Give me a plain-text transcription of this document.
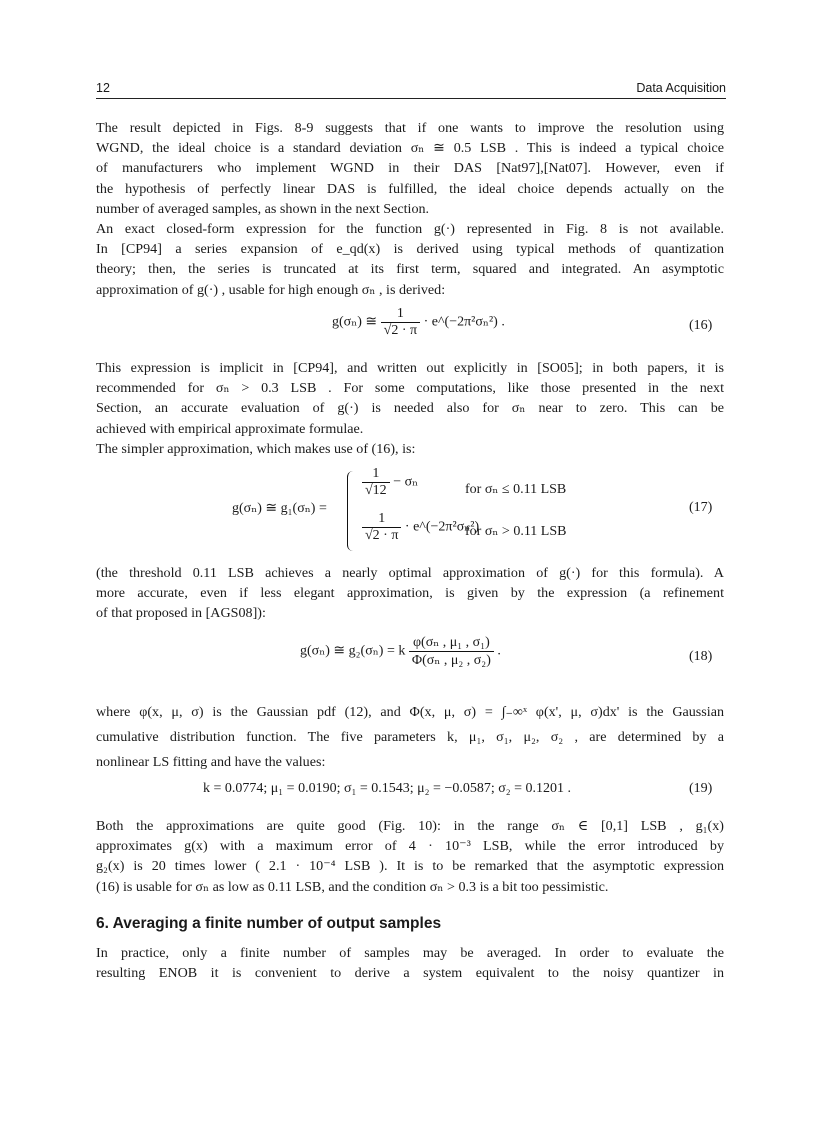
12	Data Acquisition

The result depicted in Figs. 8-9 suggests that if one wants to improve the resolution using
WGND, the ideal choice is a standard deviation σₙ ≅ 0.5 LSB . This is indeed a typical choice
of manufacturers who implement WGND in their DAS [Nat97],[Nat07]. However, even if
the hypothesis of perfectly linear DAS is fulfilled, the ideal choice depends actually on the
number of averaged samples, as shown in the next Section.

An exact closed-form expression for the function g(·) represented in Fig. 8 is not available.
In [CP94] a series expansion of e_qd(x) is derived using typical methods of quantization
theory; then, the series is truncated at its first term, squared and integrated. An asymptotic
approximation of g(·) , usable for high enough σₙ , is derived:

g(σₙ) ≅ $\frac{1}{√2 \cdot \pi}$ · e^(−2π²σₙ²) .	(16)

This expression is implicit in [CP94], and written out explicitly in [SO05]; in both papers, it is
recommended for σₙ > 0.3 LSB . For some computations, like those presented in the next
Section, an accurate evaluation of g(·) is needed also for σₙ near to zero. This can be
achieved with empirical approximate formulae.
The simpler approximation, which makes use of (16), is:

g(σₙ) ≅ g₁(σₙ) =
$\frac{1}{√12} - \sigma_n$	for σₙ ≤ 0.11 LSB
$\frac{1}{√2 \cdot \pi}$ · e^(−2π²σₙ²)
for σₙ > 0.11 LSB
(17)

(the threshold 0.11 LSB achieves a nearly optimal approximation of g(·) for this formula). A
more accurate, even if less elegant approximation, is given by the expression (a refinement
of that proposed in [AGS08]):

g(σₙ) ≅ g₂(σₙ) = k $\frac{\text{φ(σₙ , μ₁ , σ₁)}}{\text{Φ(σₙ , μ₂ , σ₂)}}$ .	(18)

where φ(x, μ, σ) is the Gaussian pdf (12), and Φ(x, μ, σ) = ∫₋∞ˣ φ(x', μ, σ)dx' is the Gaussian
cumulative distribution function. The five parameters k, μ₁, σ₁, μ₂, σ₂ , are determined by a
nonlinear LS fitting and have the values:

k = 0.0774; μ₁ = 0.0190; σ₁ = 0.1543; μ₂ = −0.0587; σ₂ = 0.1201 .	(19)

Both the approximations are quite good (Fig. 10): in the range σₙ ∈ [0,1] LSB , g₁(x)
approximates g(x) with a maximum error of 4 · 10⁻³ LSB, while the error introduced by
g₂(x) is 20 times lower ( 2.1 · 10⁻⁴ LSB ). It is to be remarked that the asymptotic expression
(16) is usable for σₙ as low as 0.11 LSB, and the condition σₙ > 0.3 is a bit too pessimistic.

6. Averaging a finite number of output samples

In practice, only a finite number of samples may be averaged. In order to evaluate the
resulting ENOB it is convenient to derive a system equivalent to the noisy quantizer in
